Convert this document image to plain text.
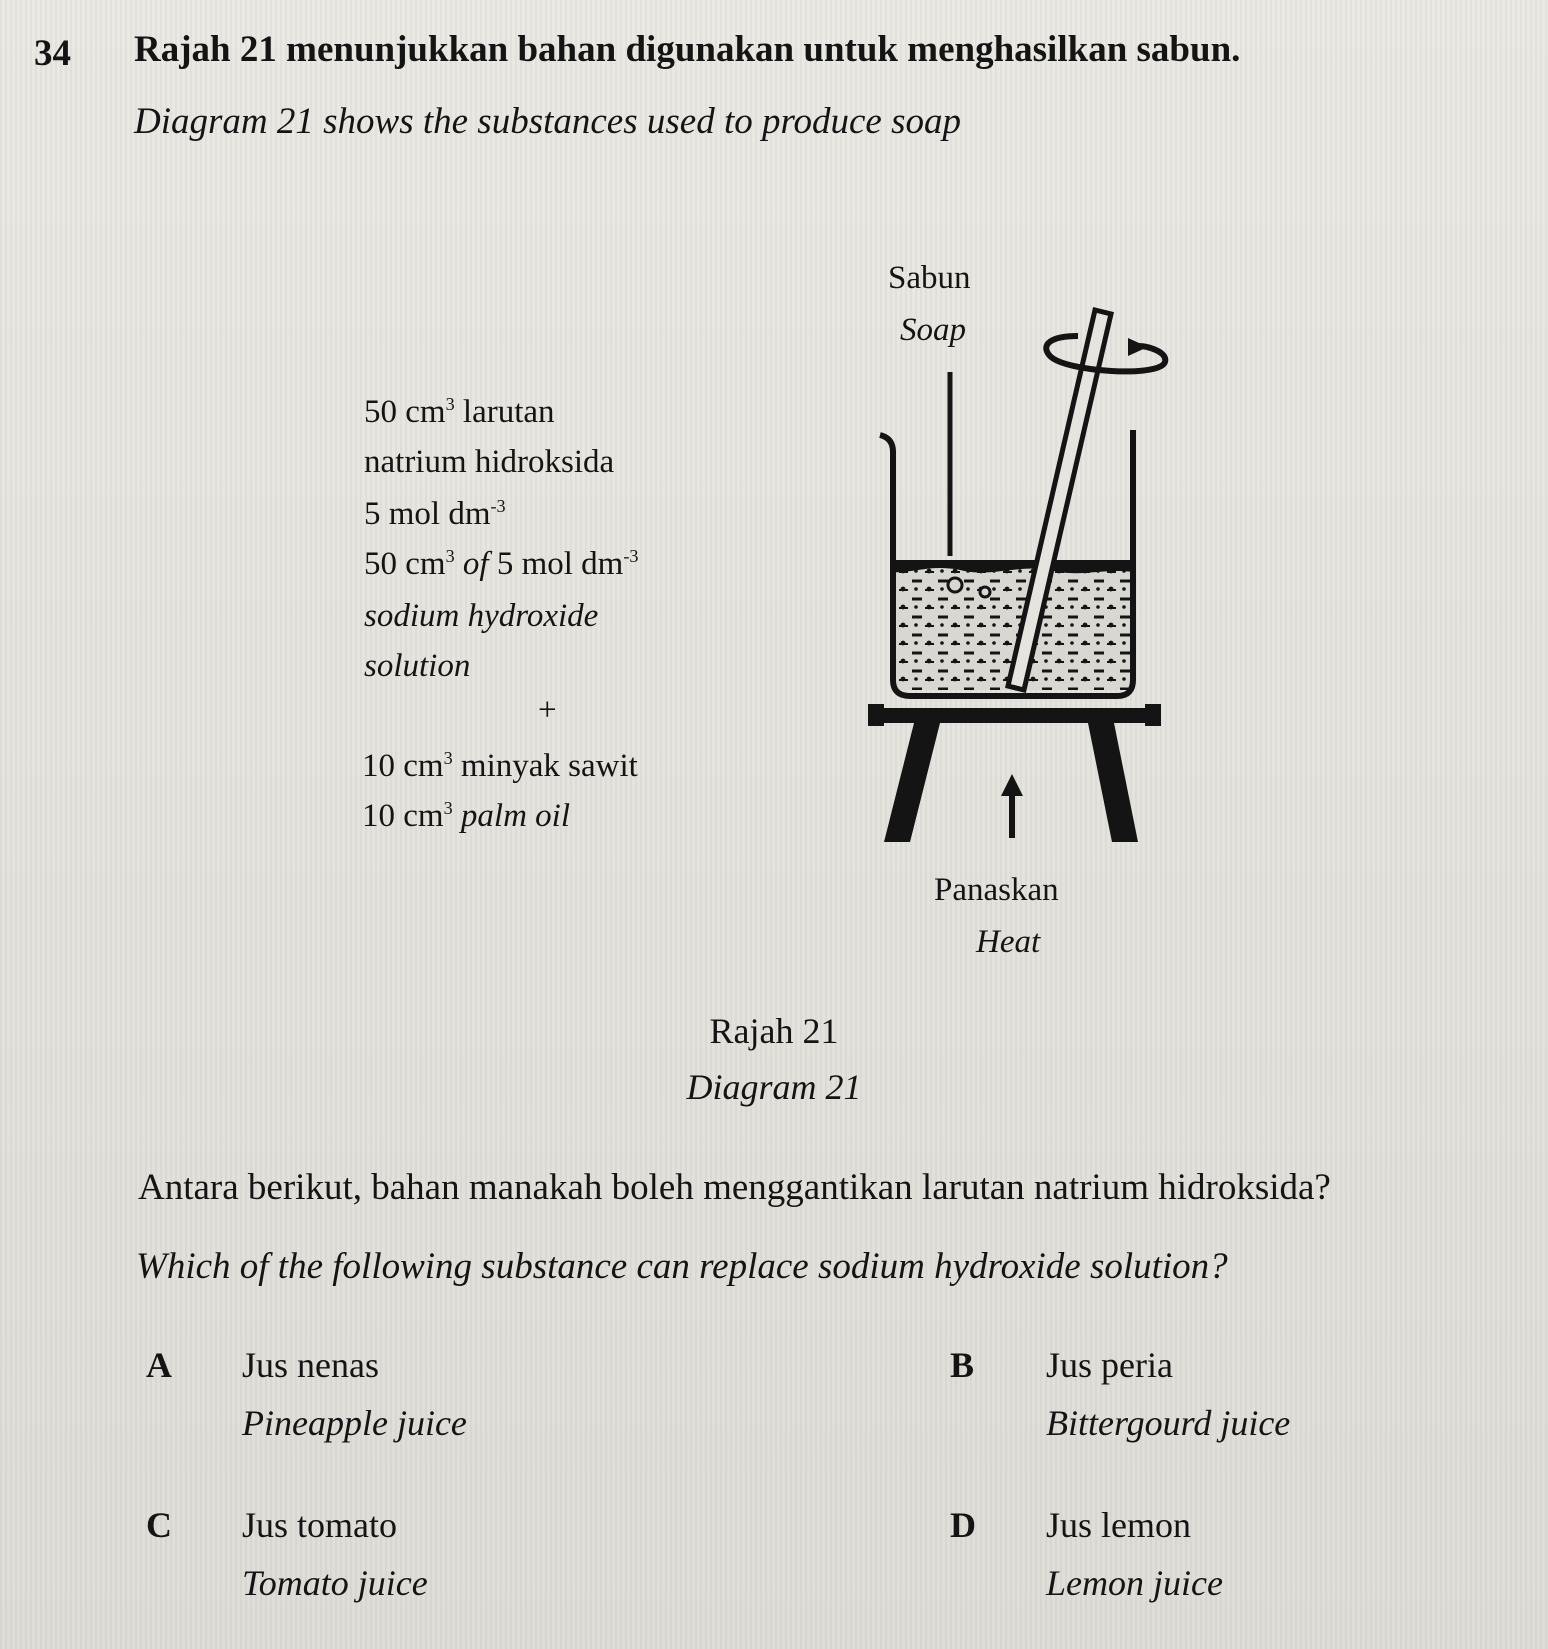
34 Rajah 21 menunjukkan bahan digunakan untuk menghasilkan sabun.
Diagram 21 shows the substances used to produce soap
Sabun
Soap
50 $cm^3$ larutan
natrium hidroksida
5 mol $dm^{-3}$
50 $cm^3$ of 5 mol $dm^{-3}$
sodium hydroxide
solution
+
10 $cm^3$ minyak sawit
10 $cm^3$ palm oil
Panaskan
Heat
Rajah 21
Diagram 21
Antara berikut, bahan manakah boleh menggantikan larutan natrium hidroksida?
Which of the following substance can replace sodium hydroxide solution?
A Jus nenas
Pineapple juice
B Jus peria
Bittergourd juice
C Jus tomato
Tomato juice
D Jus lemon
Lemon juice
